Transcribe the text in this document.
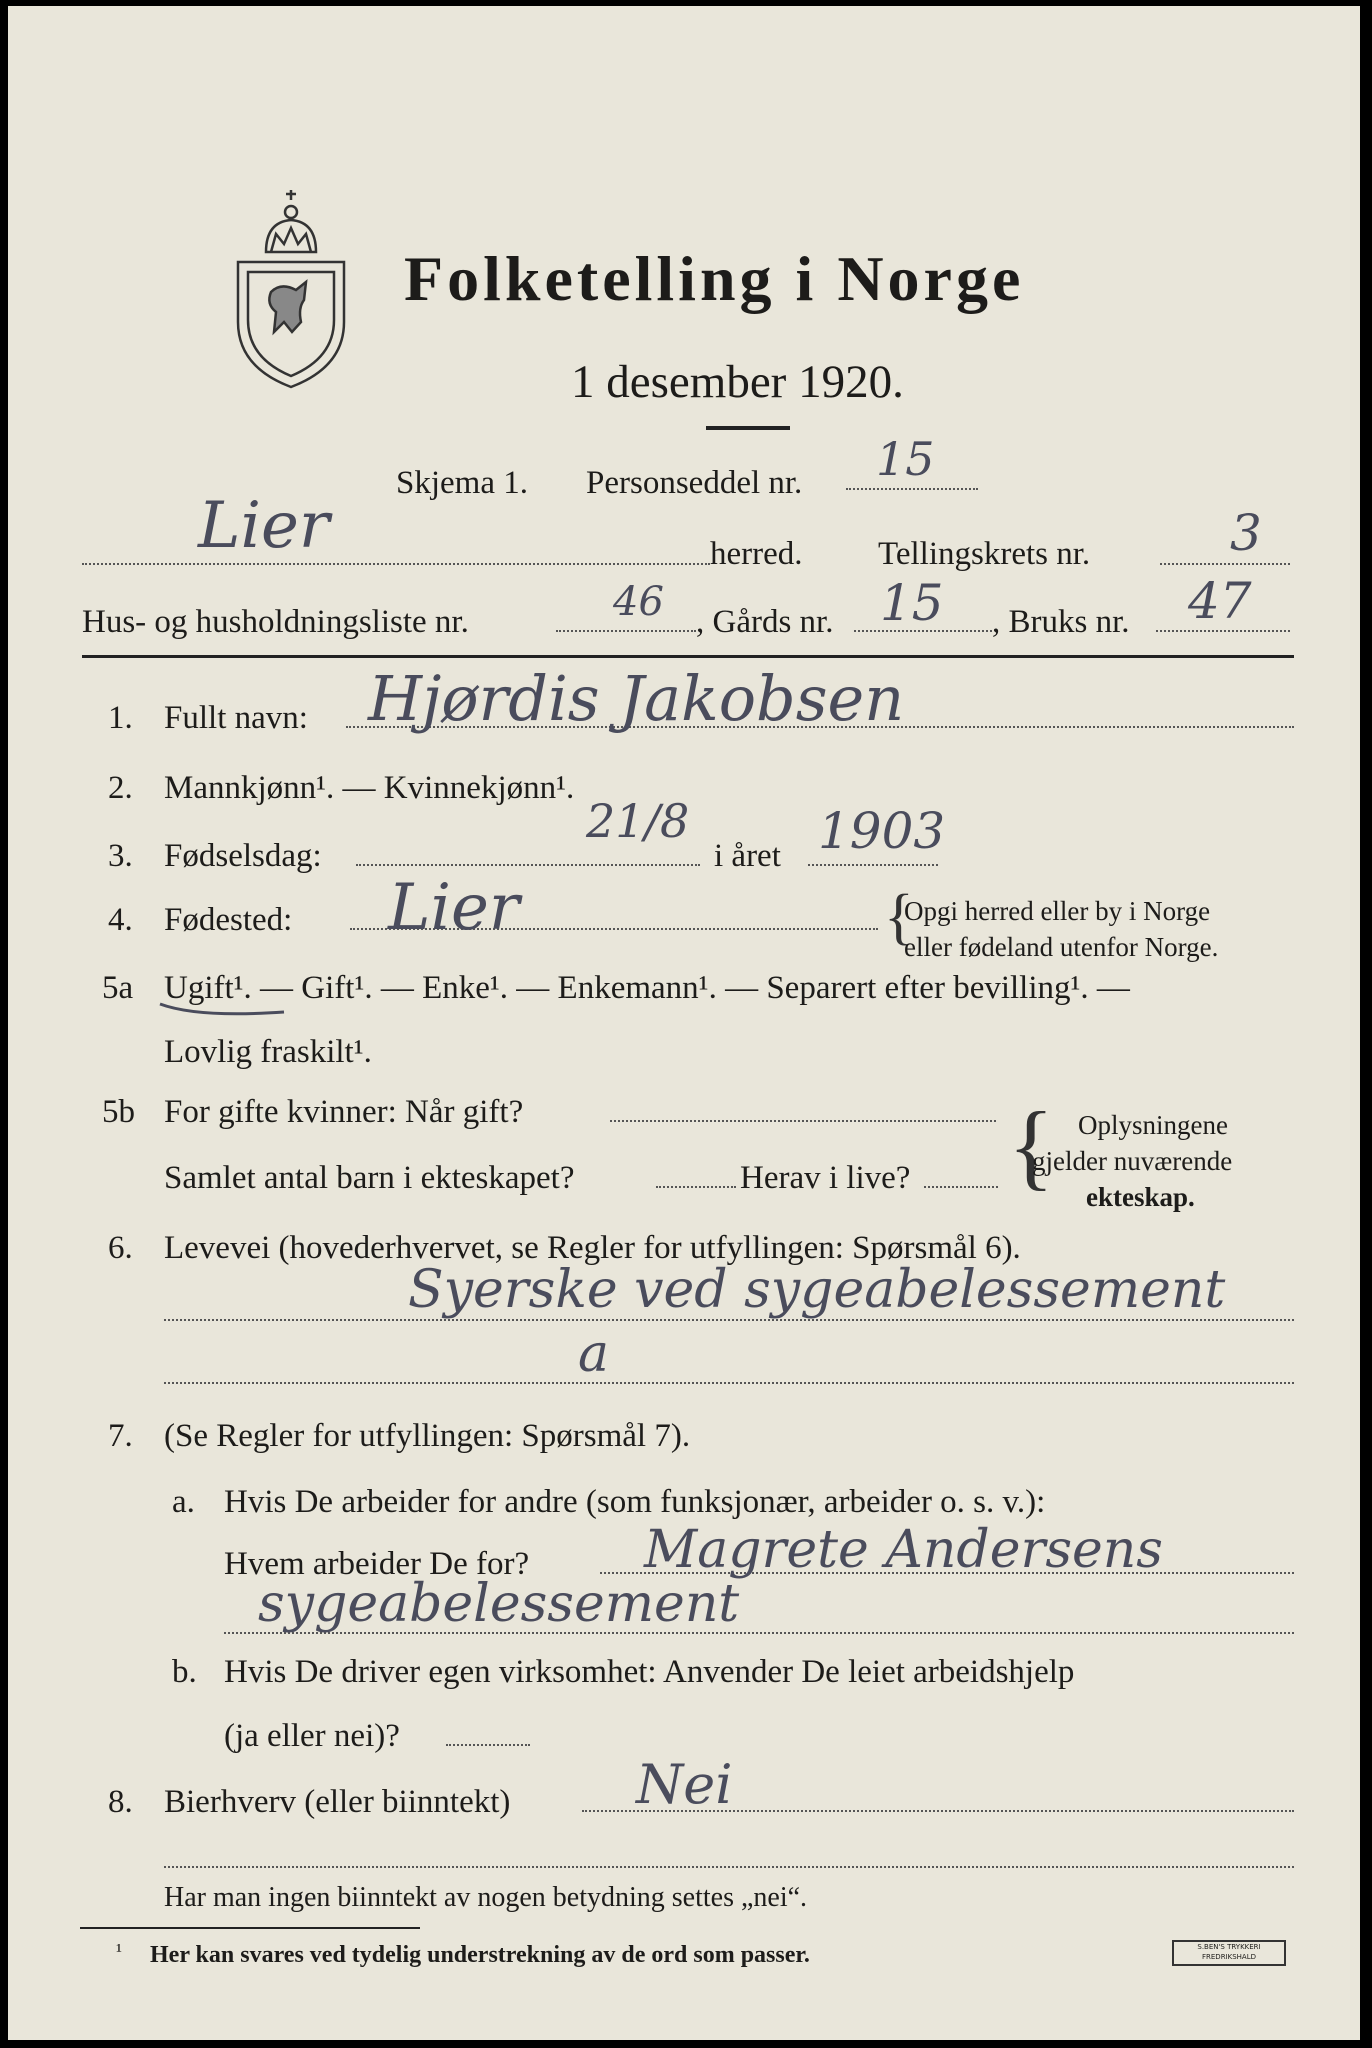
Folketelling i Norge
1 desember 1920.
Skjema 1. Personseddel nr. 15
Lier	herred. Tellingskrets nr.	3
Hus- og husholdningsliste nr.	46 , Gårds nr. 15 , Bruks nr. 47
1. Fullt navn: Hjørdis Jakobsen
2. Mannkjønn¹. — Kvinnekjønn¹.
3. Fødselsdag:
21/8
i året 1903
4. Fødested: Lier	{
Opgi herred eller by i Norge
eller fødeland utenfor Norge.
5a Ugift¹. — Gift¹. — Enke¹. — Enkemann¹. — Separert efter bevilling¹. —
Lovlig fraskilt¹.
5b For gifte kvinner: Når gift?
Samlet antal barn i ekteskapet?	Herav i live? { Oplysningene
gjelder nuværende
ekteskap.
6. Levevei (hovederhvervet, se Regler for utfyllingen: Spørsmål 6).
Syerske ved sygeabelessement
a
7. (Se Regler for utfyllingen: Spørsmål 7).
a. Hvis De arbeider for andre (som funksjonær, arbeider o. s. v.):
Hvem arbeider De for? Magrete Andersens
sygeabelessement
b. Hvis De driver egen virksomhet: Anvender De leiet arbeidshjelp
(ja eller nei)?
8. Bierhverv (eller biinntekt) Nei
Har man ingen biinntekt av nogen betydning settes „nei“.
¹ Her kan svares ved tydelig understrekning av de ord som passer.	S.BEN'S TRYKKERI FREDRIKSHALD
